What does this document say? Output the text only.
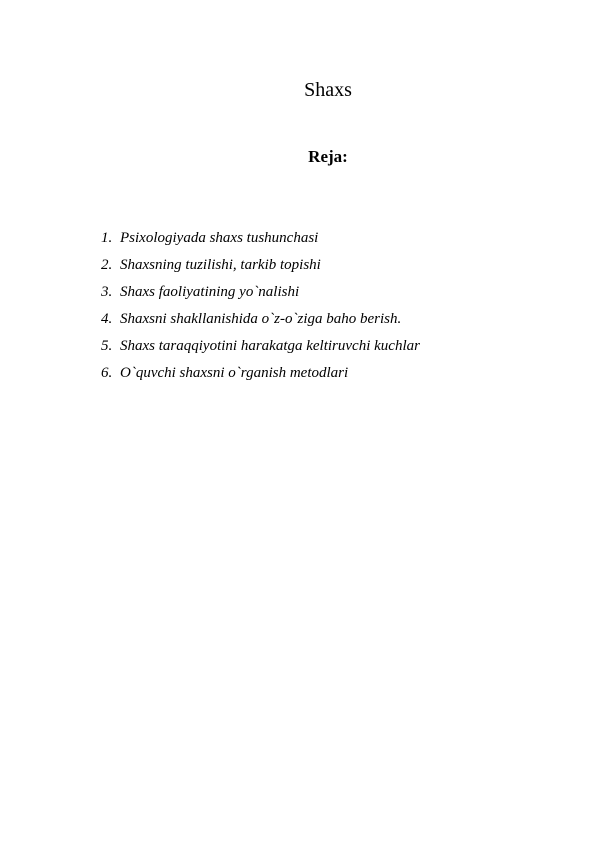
Shaxs
Reja:
1. Psixologiyada shaxs tushunchasi
2. Shaxsning tuzilishi, tarkib topishi
3. Shaxs faoliyatining yo`nalishi
4. Shaxsni shakllanishida o`z-o`ziga baho berish.
5. Shaxs taraqqiyotini harakatga keltiruvchi kuchlar
6. O`quvchi shaxsni o`rganish metodlari
